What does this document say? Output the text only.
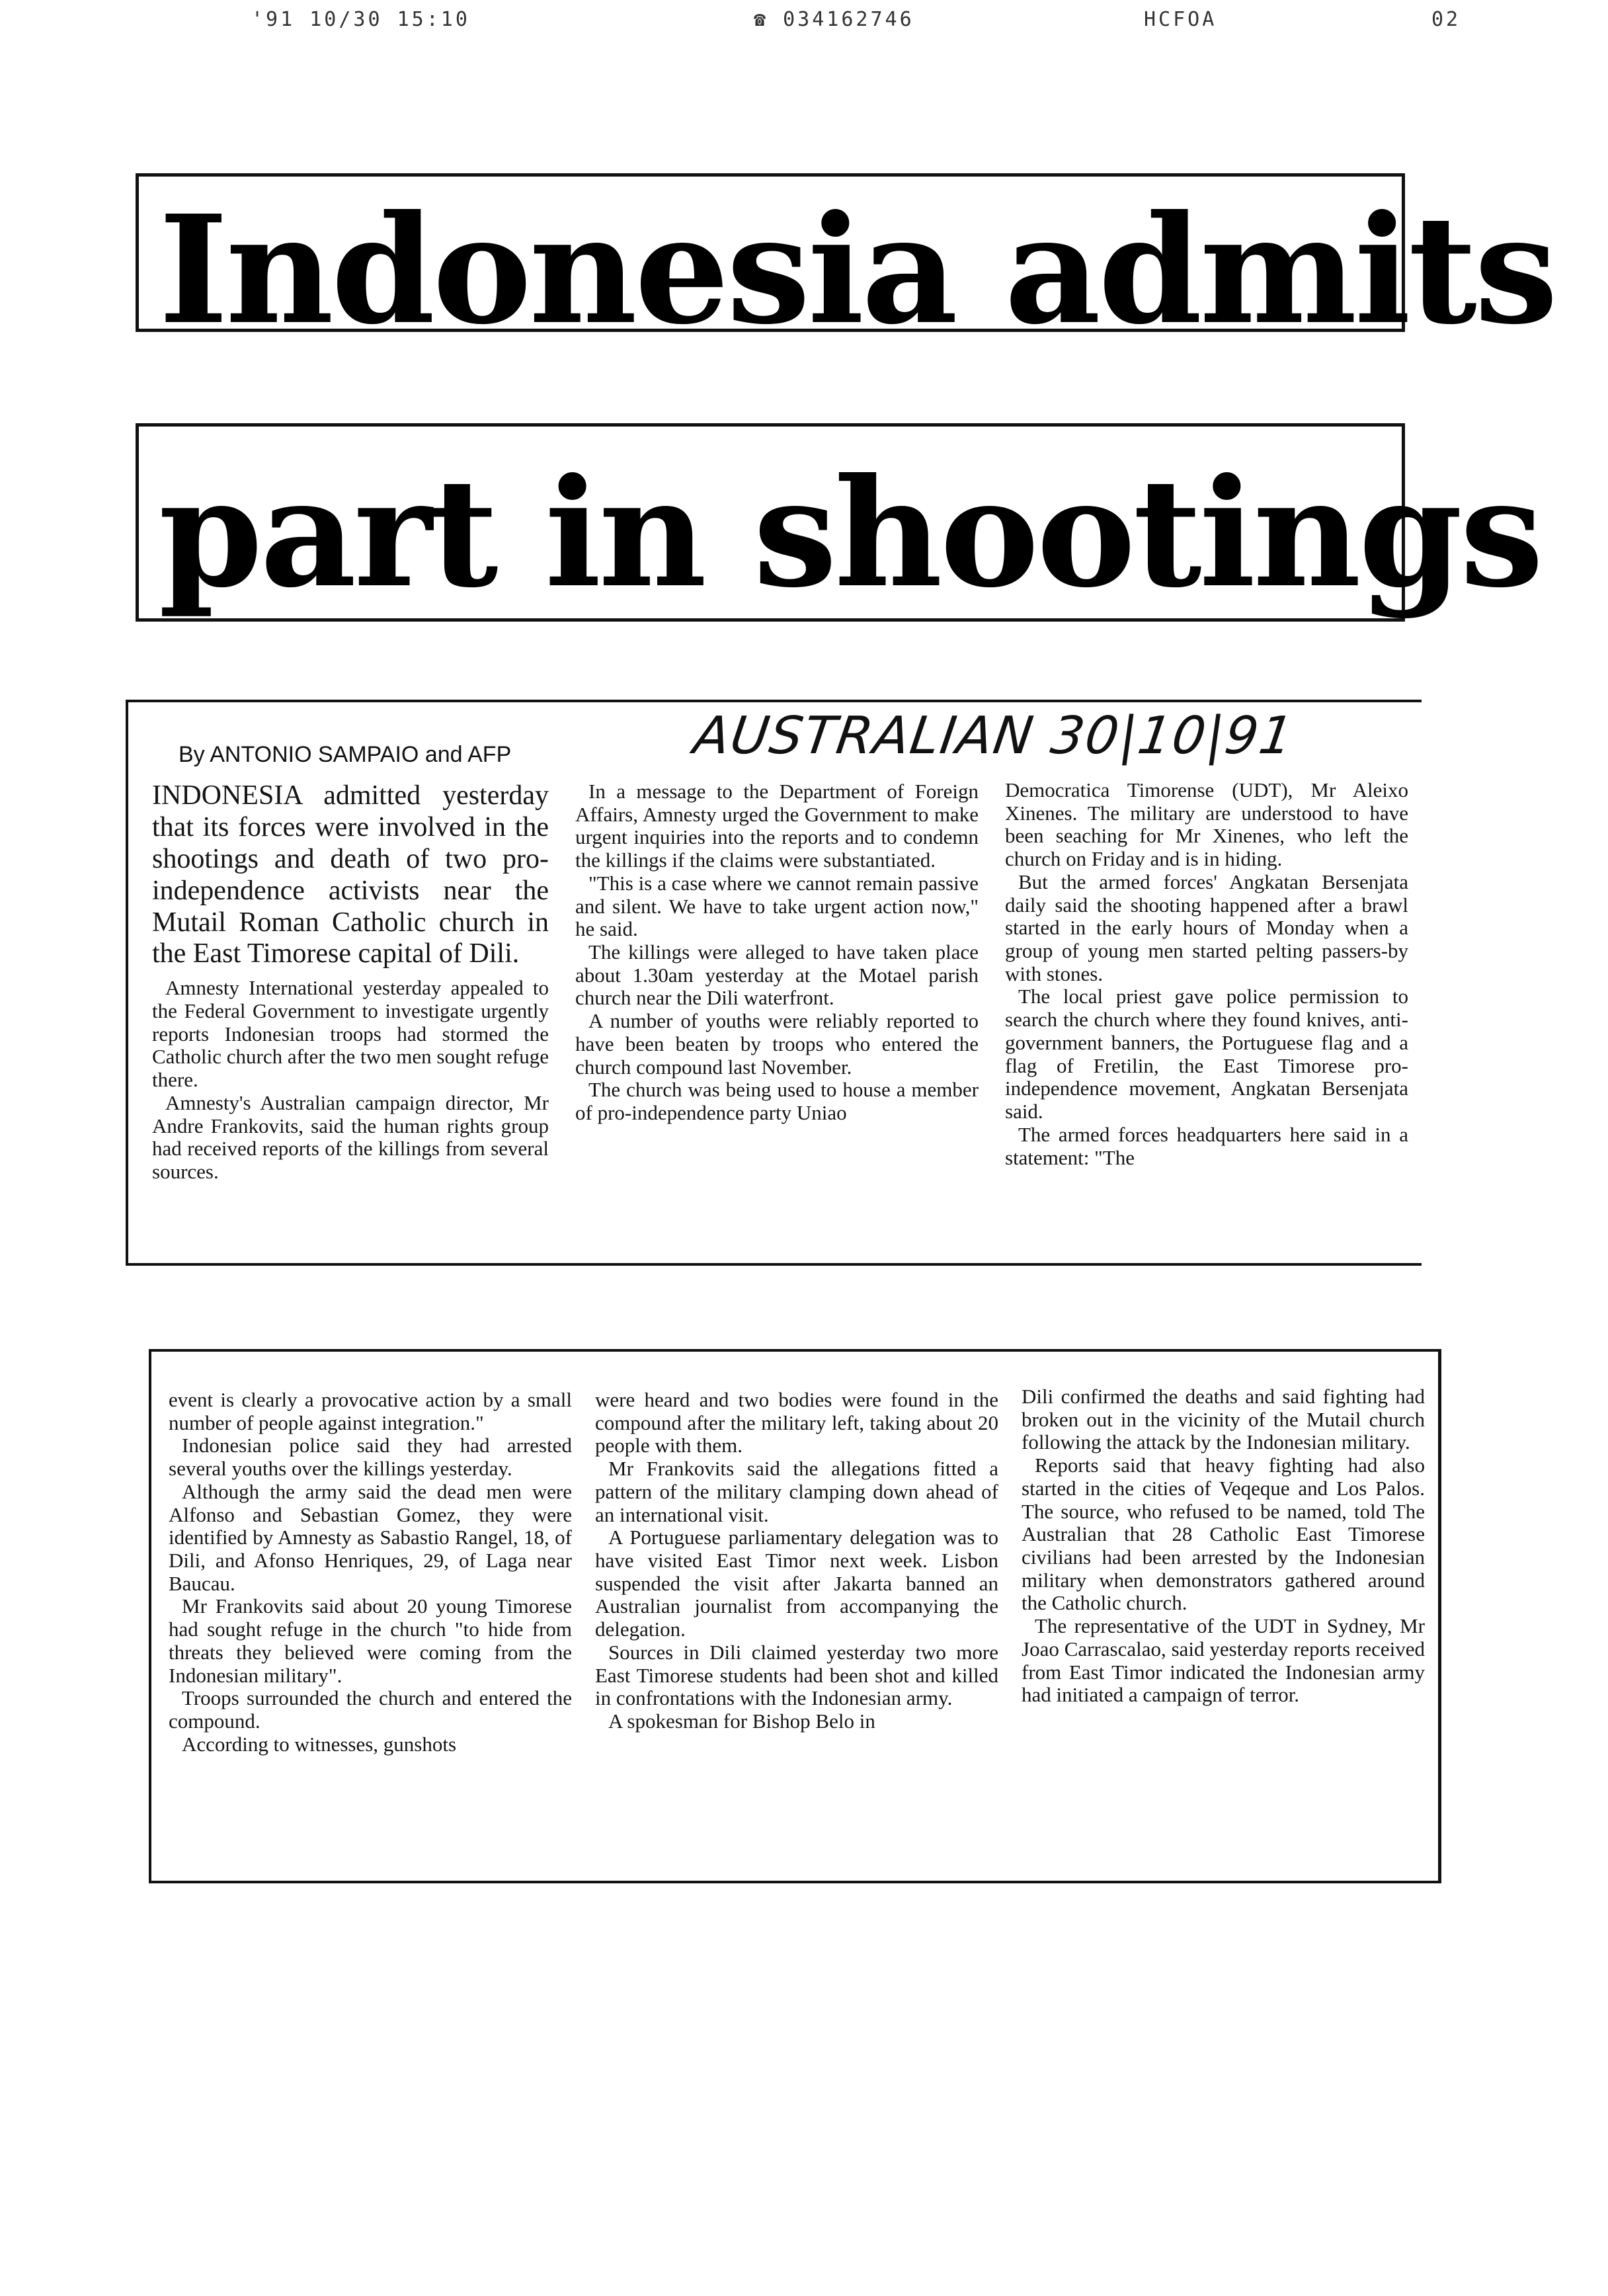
'91 10/30 15:10	☎ 034162746	HCFOA	02
Indonesia admits
part in shootings
By ANTONIO SAMPAIO and AFP	AUSTRALIAN 30|10|91

INDONESIA admitted yesterday that its forces were involved in the shootings and death of two pro-independence activists near the Mutail Roman Catholic church in the East Timorese capital of Dili.

Amnesty International yesterday appealed to the Federal Government to investigate urgently reports Indonesian troops had stormed the Catholic church after the two men sought refuge there.

Amnesty's Australian campaign director, Mr Andre Frankovits, said the human rights group had received reports of the killings from several sources.

In a message to the Department of Foreign Affairs, Amnesty urged the Government to make urgent inquiries into the reports and to condemn the killings if the claims were substantiated.

"This is a case where we cannot remain passive and silent. We have to take urgent action now," he said.

The killings were alleged to have taken place about 1.30am yesterday at the Motael parish church near the Dili waterfront.

A number of youths were reliably reported to have been beaten by troops who entered the church compound last November.

The church was being used to house a member of pro-independence party Uniao

Democratica Timorense (UDT), Mr Aleixo Xinenes. The military are understood to have been seaching for Mr Xinenes, who left the church on Friday and is in hiding.

But the armed forces' Angkatan Bersenjata daily said the shooting happened after a brawl started in the early hours of Monday when a group of young men started pelting passers-by with stones.

The local priest gave police permission to search the church where they found knives, anti-government banners, the Portuguese flag and a flag of Fretilin, the East Timorese pro-independence movement, Angkatan Bersenjata said.

The armed forces headquarters here said in a statement: "The

event is clearly a provocative action by a small number of people against integration."

Indonesian police said they had arrested several youths over the killings yesterday.

Although the army said the dead men were Alfonso and Sebastian Gomez, they were identified by Amnesty as Sabastio Rangel, 18, of Dili, and Afonso Henriques, 29, of Laga near Baucau.

Mr Frankovits said about 20 young Timorese had sought refuge in the church "to hide from threats they believed were coming from the Indonesian military".

Troops surrounded the church and entered the compound.

According to witnesses, gunshots

were heard and two bodies were found in the compound after the military left, taking about 20 people with them.

Mr Frankovits said the allegations fitted a pattern of the military clamping down ahead of an international visit.

A Portuguese parliamentary delegation was to have visited East Timor next week. Lisbon suspended the visit after Jakarta banned an Australian journalist from accompanying the delegation.

Sources in Dili claimed yesterday two more East Timorese students had been shot and killed in confrontations with the Indonesian army.

A spokesman for Bishop Belo in

Dili confirmed the deaths and said fighting had broken out in the vicinity of the Mutail church following the attack by the Indonesian military.

Reports said that heavy fighting had also started in the cities of Veqeque and Los Palos. The source, who refused to be named, told The Australian that 28 Catholic East Timorese civilians had been arrested by the Indonesian military when demonstrators gathered around the Catholic church.

The representative of the UDT in Sydney, Mr Joao Carrascalao, said yesterday reports received from East Timor indicated the Indonesian army had initiated a campaign of terror.
